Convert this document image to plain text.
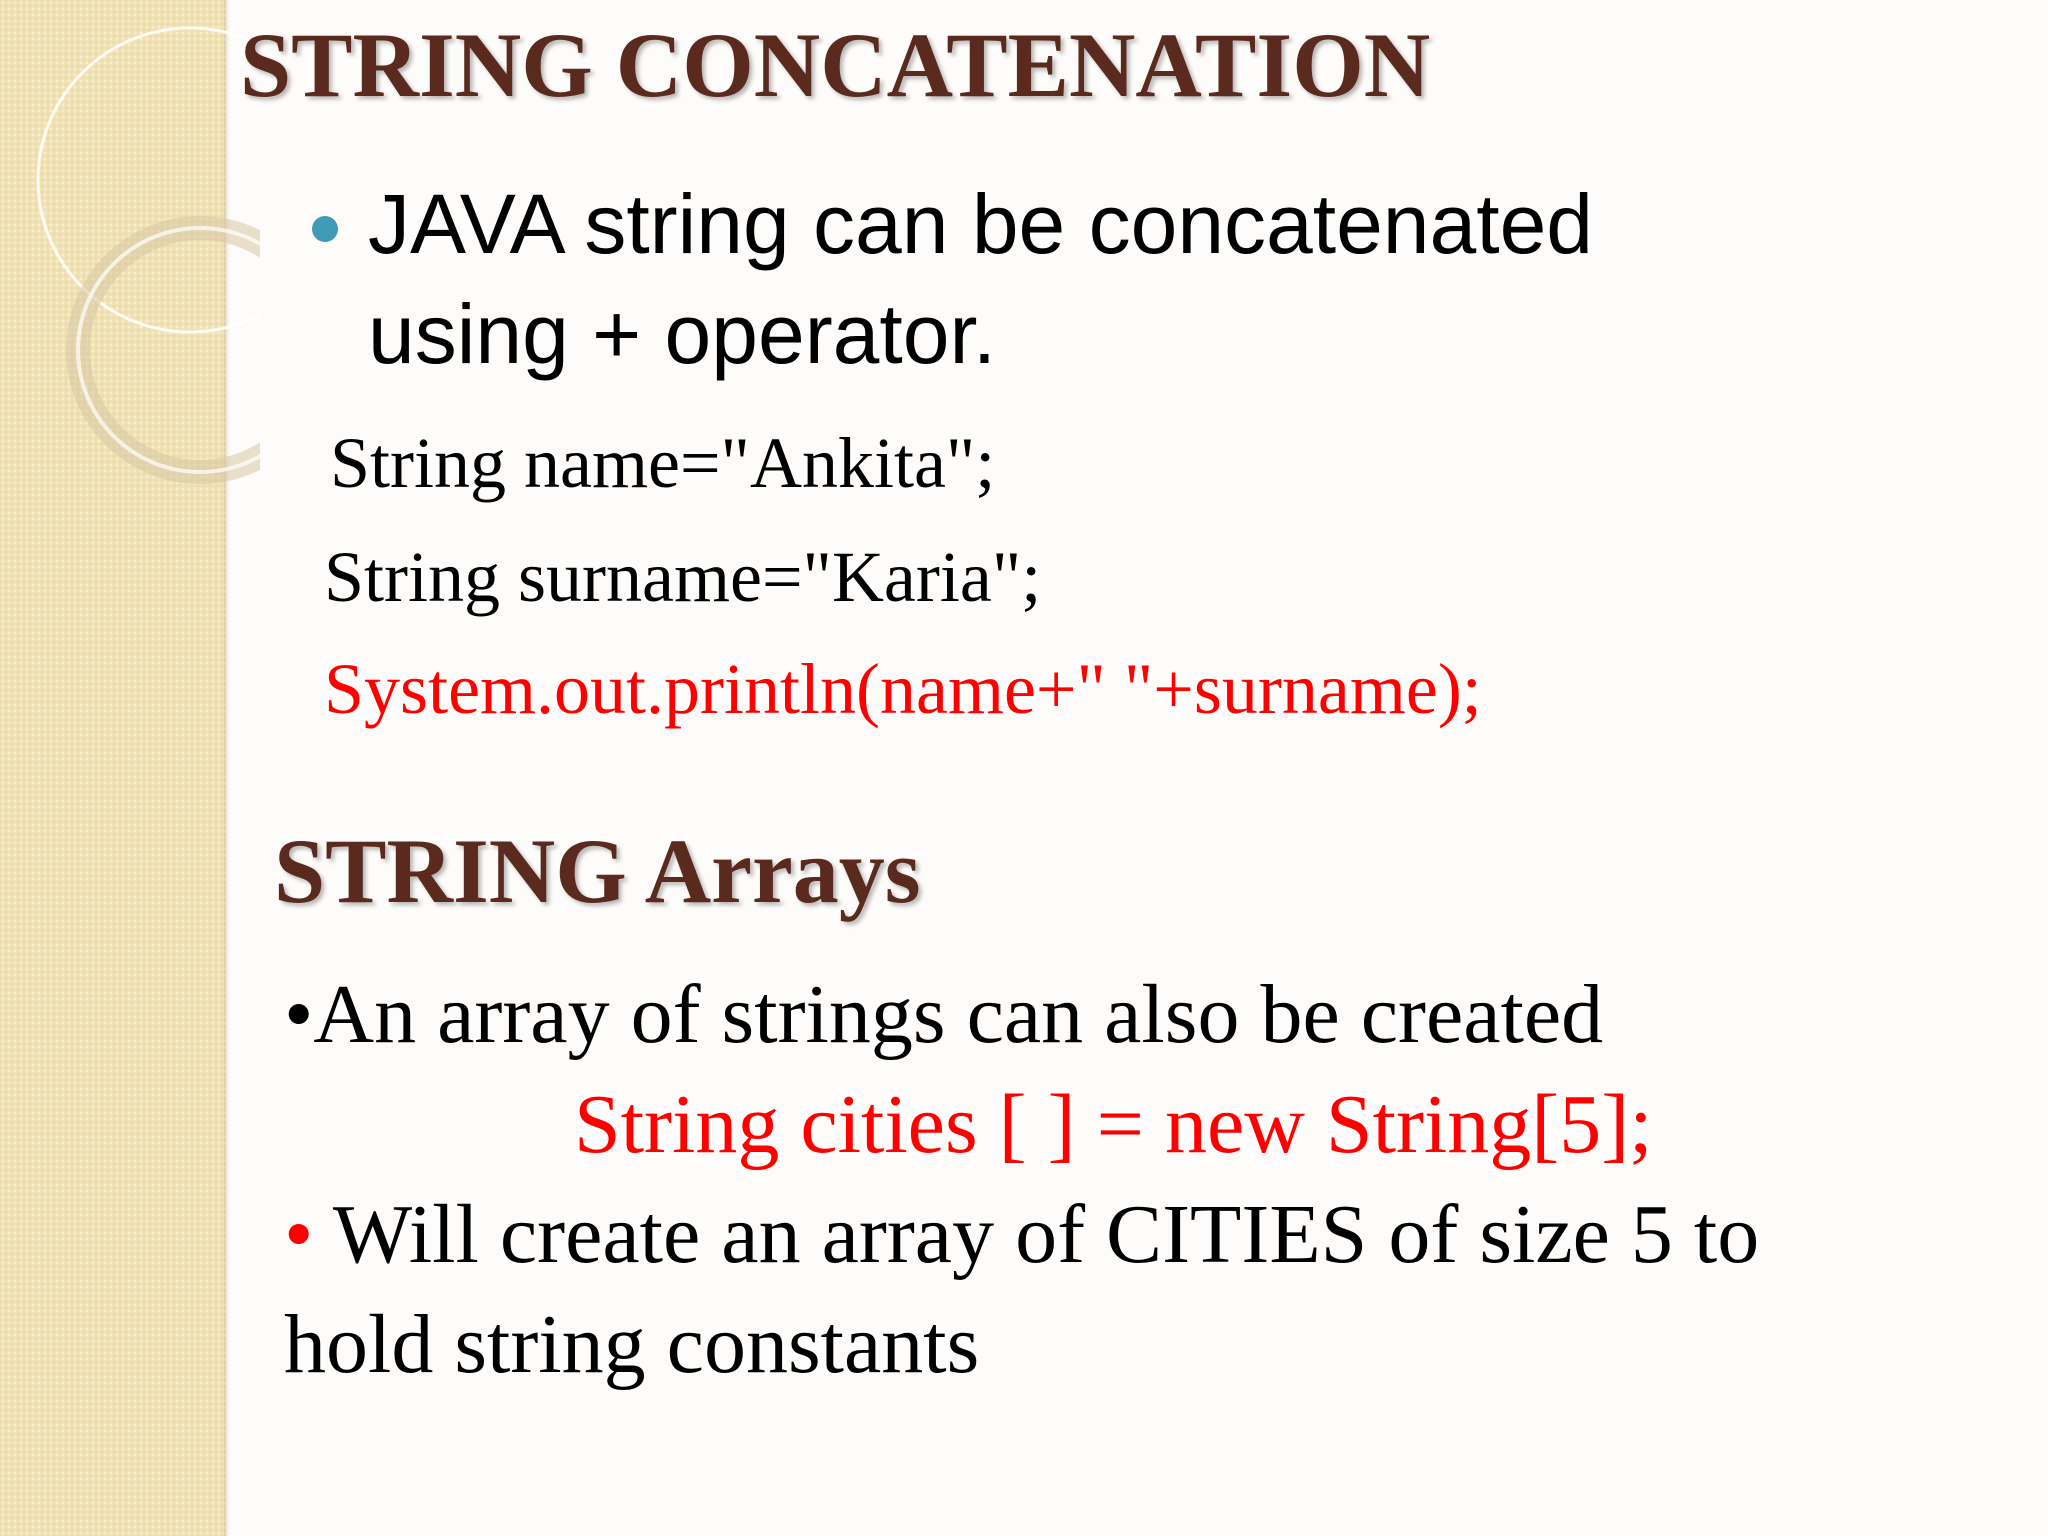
STRING CONCATENATION

JAVA string can be concatenated

using + operator.

String name="Ankita";

String surname="Karia";

System.out.println(name+" "+surname);

STRING Arrays

•An array of strings can also be created

String cities [ ] = new String[5];

• Will create an array of CITIES of size 5 to

hold string constants
